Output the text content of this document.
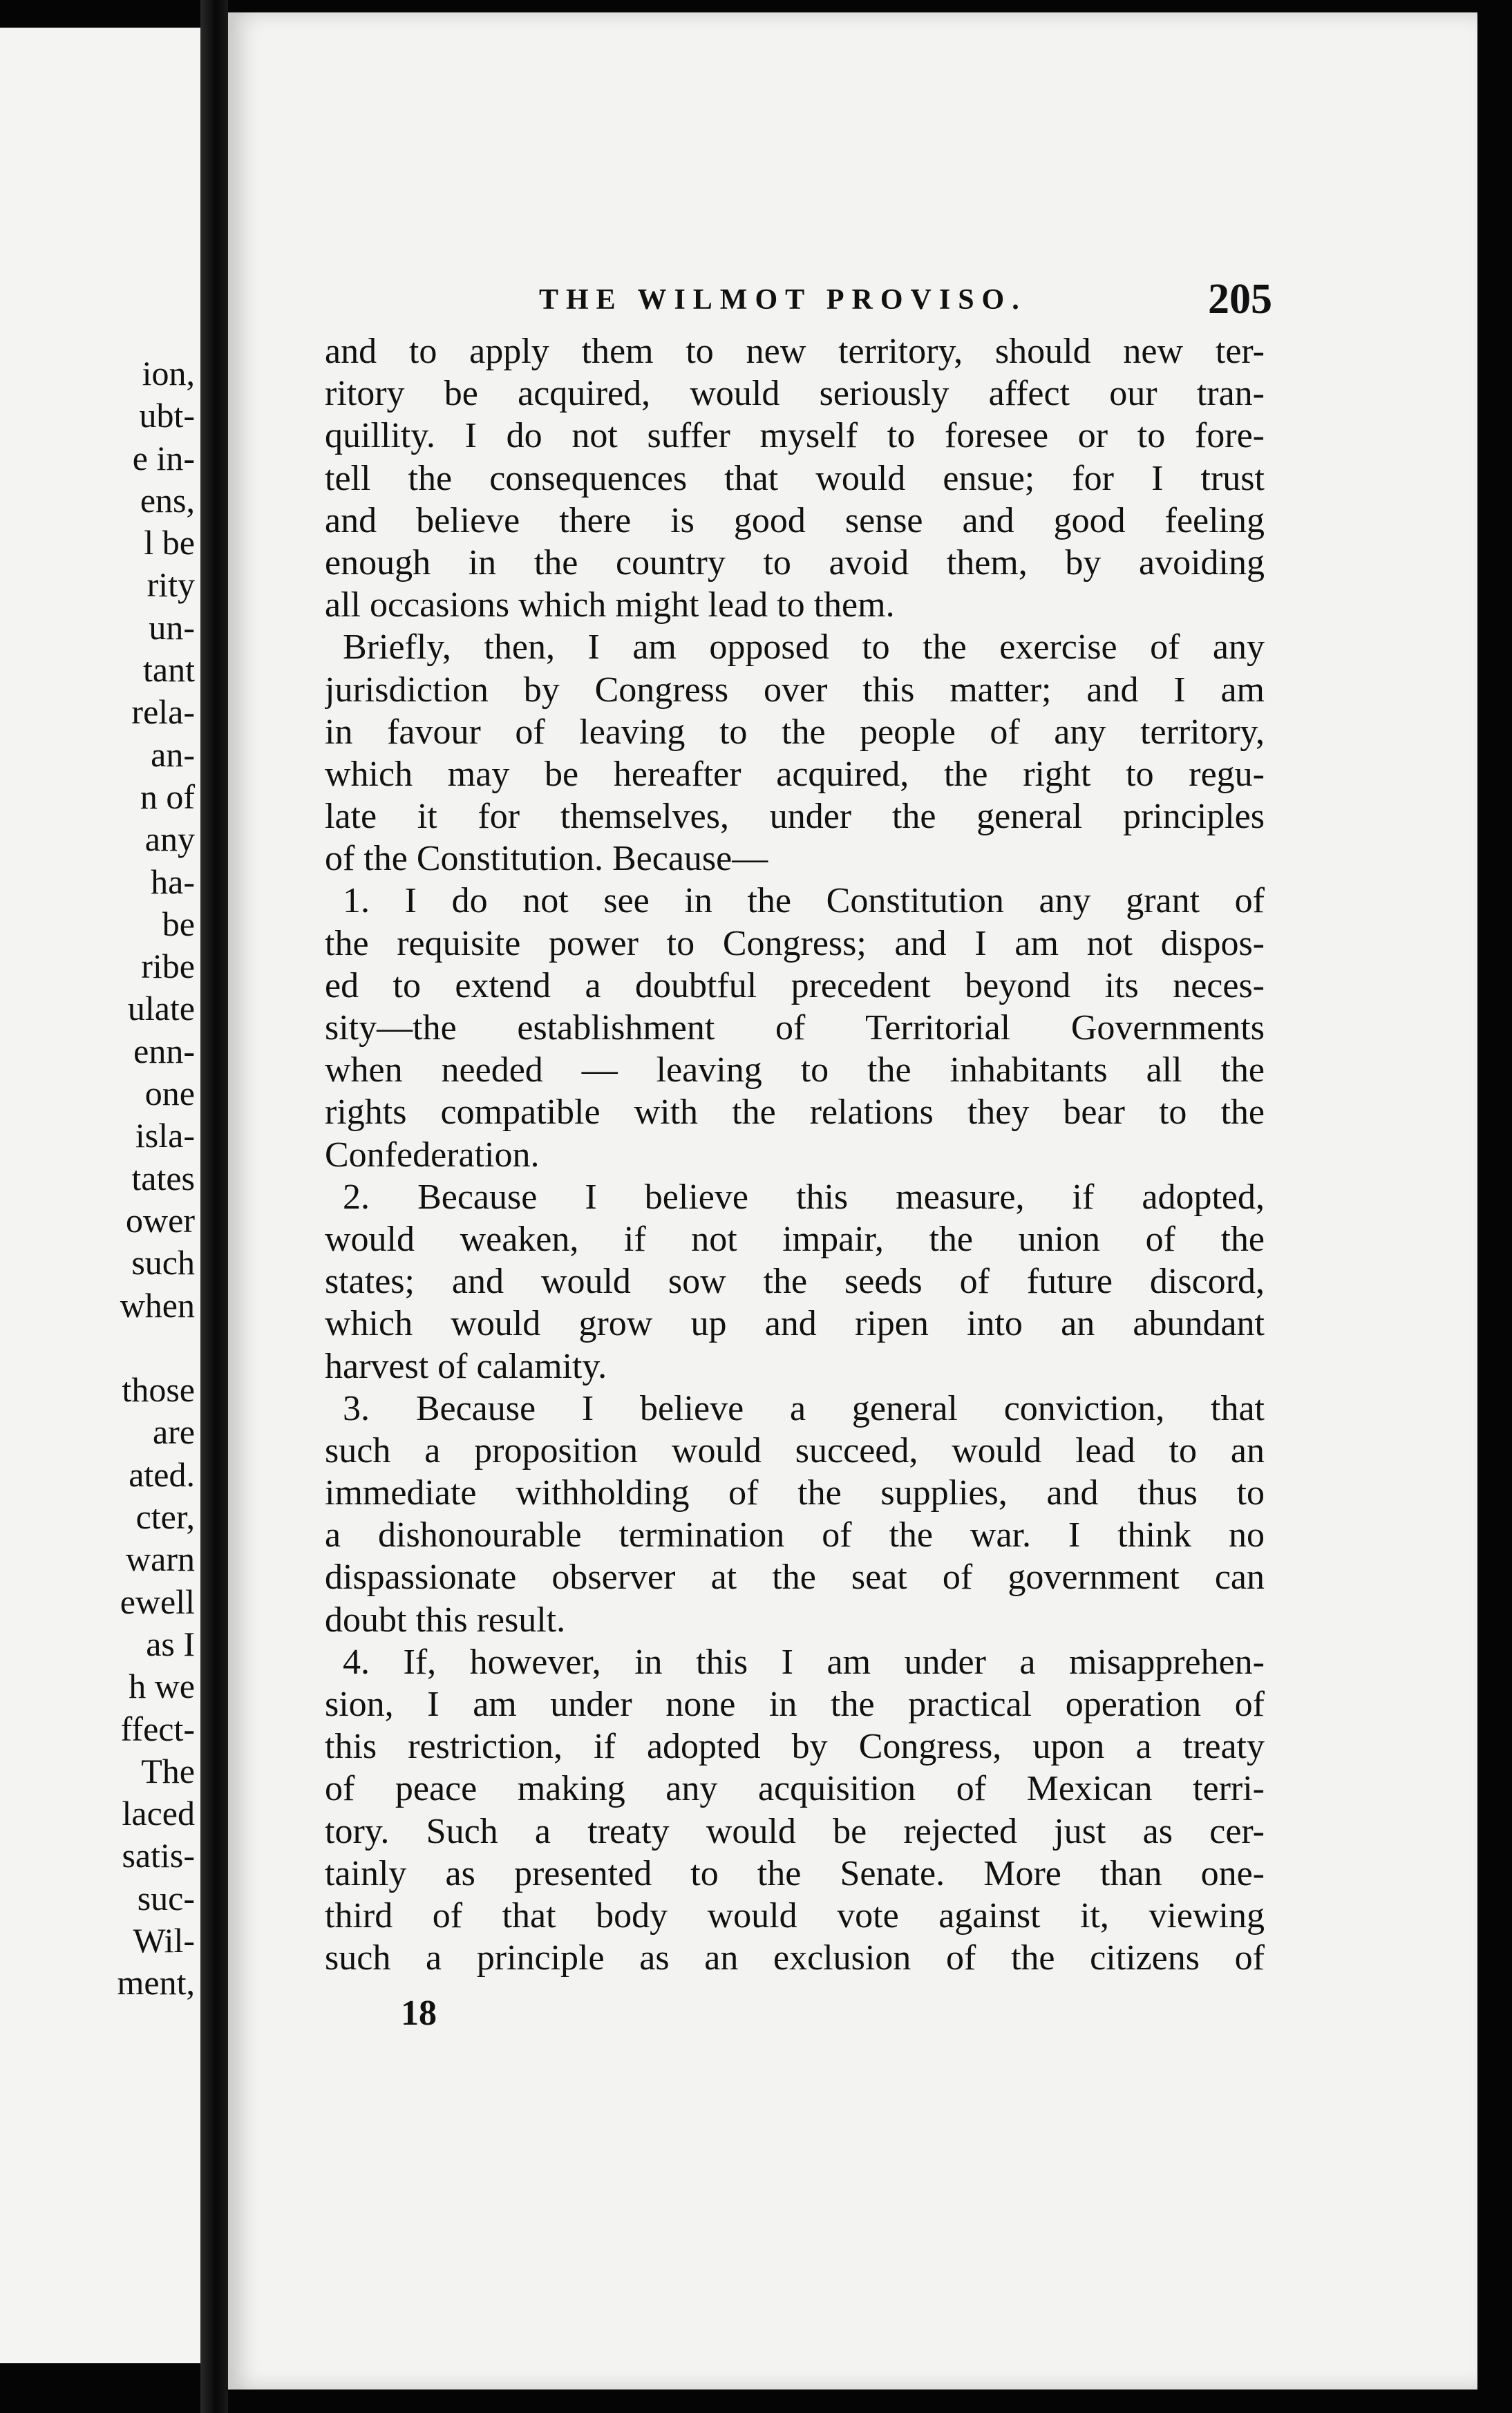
ion,
ubt-
e in-
ens,
l be
rity
un-
tant
rela-
an-
n of
any
ha-
be
ribe
ulate
enn-
one
isla-
tates
ower
such
when

those
are
ated.
cter,
warn
ewell
as I
h we
ffect-
The
laced
satis-
suc-
Wil-
ment,
THE WILMOT PROVISO.	205
and to apply them to new territory, should new ter-
ritory be acquired, would seriously affect our tran-
quillity. I do not suffer myself to foresee or to fore-
tell the consequences that would ensue; for I trust
and believe there is good sense and good feeling
enough in the country to avoid them, by avoiding
all occasions which might lead to them.
Briefly, then, I am opposed to the exercise of any
jurisdiction by Congress over this matter; and I am
in favour of leaving to the people of any territory,
which may be hereafter acquired, the right to regu-
late it for themselves, under the general principles
of the Constitution. Because—
1. I do not see in the Constitution any grant of
the requisite power to Congress; and I am not dispos-
ed to extend a doubtful precedent beyond its neces-
sity—the establishment of Territorial Governments
when needed — leaving to the inhabitants all the
rights compatible with the relations they bear to the
Confederation.
2. Because I believe this measure, if adopted,
would weaken, if not impair, the union of the
states; and would sow the seeds of future discord,
which would grow up and ripen into an abundant
harvest of calamity.
3. Because I believe a general conviction, that
such a proposition would succeed, would lead to an
immediate withholding of the supplies, and thus to
a dishonourable termination of the war. I think no
dispassionate observer at the seat of government can
doubt this result.
4. If, however, in this I am under a misapprehen-
sion, I am under none in the practical operation of
this restriction, if adopted by Congress, upon a treaty
of peace making any acquisition of Mexican terri-
tory. Such a treaty would be rejected just as cer-
tainly as presented to the Senate. More than one-
third of that body would vote against it, viewing
such a principle as an exclusion of the citizens of
18
